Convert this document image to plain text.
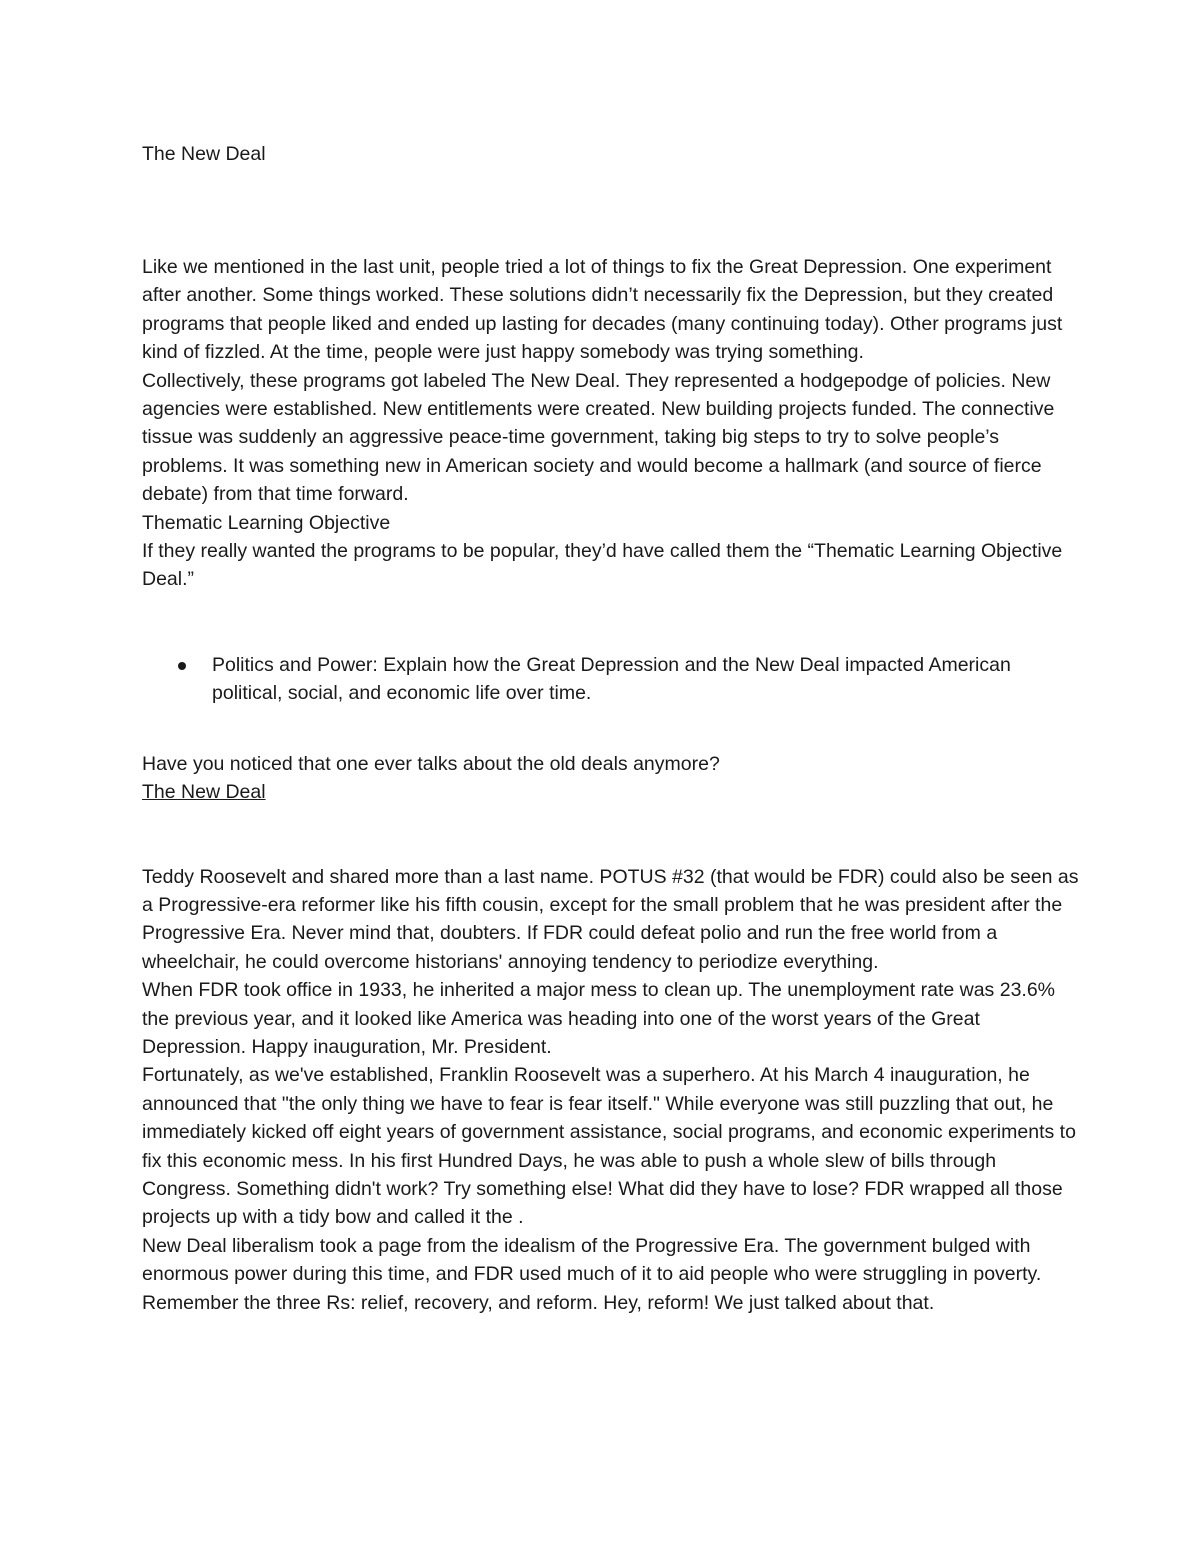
The New Deal

Like we mentioned in the last unit, people tried a lot of things to fix the Great Depression. One experiment after another. Some things worked. These solutions didn’t necessarily fix the Depression, but they created programs that people liked and ended up lasting for decades (many continuing today). Other programs just kind of fizzled. At the time, people were just happy somebody was trying something.

Collectively, these programs got labeled The New Deal. They represented a hodgepodge of policies. New agencies were established. New entitlements were created. New building projects funded. The connective tissue was suddenly an aggressive peace-time government, taking big steps to try to solve people’s problems. It was something new in American society and would become a hallmark (and source of fierce debate) from that time forward.

Thematic Learning Objective

If they really wanted the programs to be popular, they’d have called them the “Thematic Learning Objective Deal.”

Politics and Power: Explain how the Great Depression and the New Deal impacted American political, social, and economic life over time.

Have you noticed that one ever talks about the old deals anymore?

The New Deal

Teddy Roosevelt and shared more than a last name. POTUS #32 (that would be FDR) could also be seen as a Progressive-era reformer like his fifth cousin, except for the small problem that he was president after the Progressive Era. Never mind that, doubters. If FDR could defeat polio and run the free world from a wheelchair, he could overcome historians' annoying tendency to periodize everything.

When FDR took office in 1933, he inherited a major mess to clean up. The unemployment rate was 23.6% the previous year, and it looked like America was heading into one of the worst years of the Great Depression. Happy inauguration, Mr. President.

Fortunately, as we've established, Franklin Roosevelt was a superhero. At his March 4 inauguration, he announced that "the only thing we have to fear is fear itself." While everyone was still puzzling that out, he immediately kicked off eight years of government assistance, social programs, and economic experiments to fix this economic mess. In his first Hundred Days, he was able to push a whole slew of bills through Congress. Something didn't work? Try something else! What did they have to lose? FDR wrapped all those projects up with a tidy bow and called it the .

New Deal liberalism took a page from the idealism of the Progressive Era. The government bulged with enormous power during this time, and FDR used much of it to aid people who were struggling in poverty. Remember the three Rs: relief, recovery, and reform. Hey, reform! We just talked about that.
